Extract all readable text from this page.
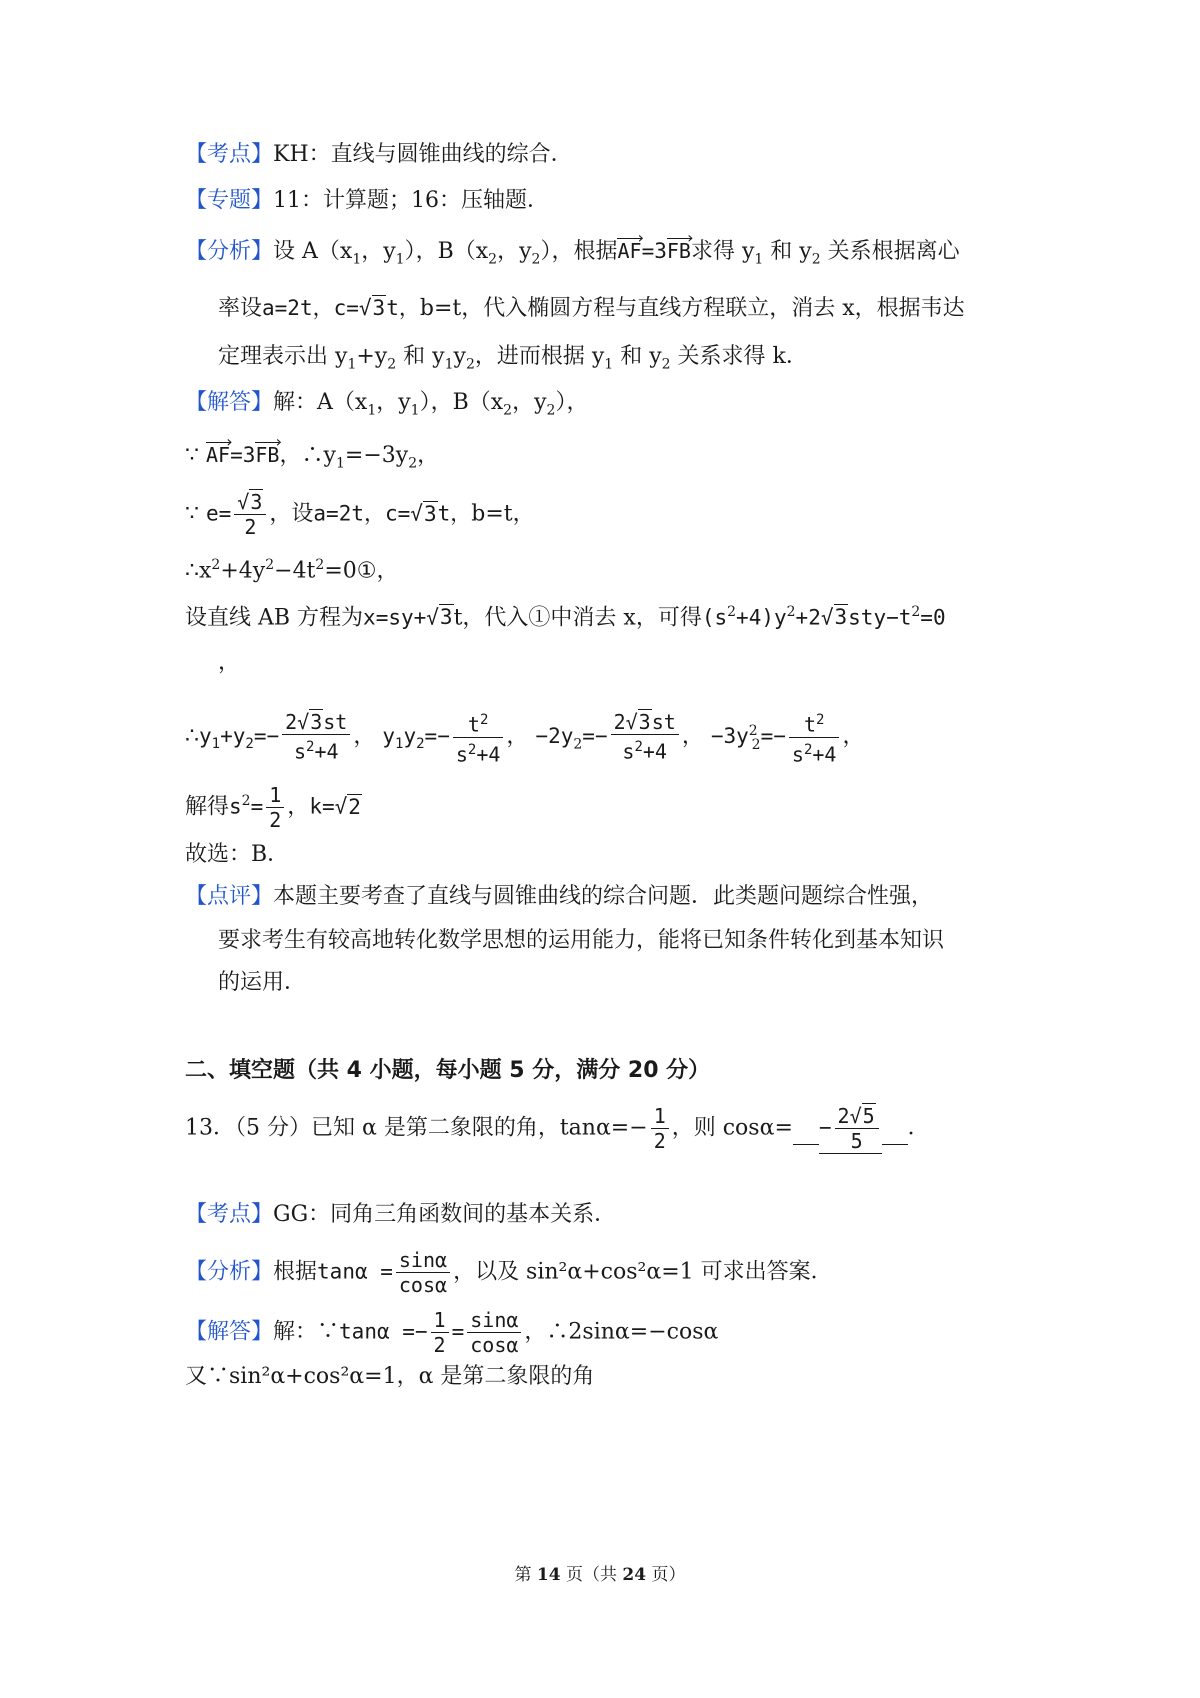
【考点】KH：直线与圆锥曲线的综合．
【专题】11：计算题；16：压轴题．
【分析】设 $A(x_1$，$y_1$），$B(x_2$，$y_2$），根据AF ›=3FB ›求得 $y_1$ 和 $y_2$ 关系根据离心
率设a=2t，c=√3t，b=t，代入椭圆方程与直线方程联立，消去 x，根据韦达
定理表示出 $y_1+y_2$ 和 $y_1y_2$，进而根据 $y_1$ 和 $y_2$ 关系求得 k．
【解答】解：$A(x_1$，$y_1$），$B(x_2$，$y_2$），
∵ AF ›=3FB ›，$\therefore y_1=-3y_2$，
∵ $e= \frac{√3}{2}$ ，设a=2t，c=√3t，b=t，
$\therefore x^2+4y^2-4t^2=0①$，
设直线 AB 方程为x=sy+√3t，代入①中消去 x，可得$(s^2+4)y^2+2√3sty-t^2=0$
，
$\therefore y_1+y_2=- \frac{2√3st}{s^2+4}$ ， $y_1y_2=- \frac{t^2}{s^2+4}$ ， $-2y_2=- \frac{2√3st}{s^2+4}$ ， $-3y^2_2=- \frac{t^2}{s^2+4}$ ，
解得$s^2= \frac{1}{2}$ ，k=√2
故选：B．
【点评】本题主要考查了直线与圆锥曲线的综合问题．此类题问题综合性强，
要求考生有较高地转化数学思想的运用能力，能将已知条件转化到基本知识
的运用．
二、填空题（共 4 小题，每小题 5 分，满分 20 分）
13．（5 分）已知 α 是第二象限的角，$\tan\alpha=- \frac{1}{2}$ ，则 $\cos\alpha= - \frac{2√5}{5}$ ．
【考点】GG：同角三角函数间的基本关系．
【分析】根据$\tan\alpha = \frac{\sin\alpha}{\cos\alpha}$ ，以及 sin²α+cos²α=1 可求出答案．
【解答】解：∵tanα =− $\frac{1}{2} = \frac{\sin\alpha}{\cos\alpha}$ ，∴2sinα=−cosα
又∵sin²α+cos²α=1，α 是第二象限的角
第 14 页（共 24 页）
